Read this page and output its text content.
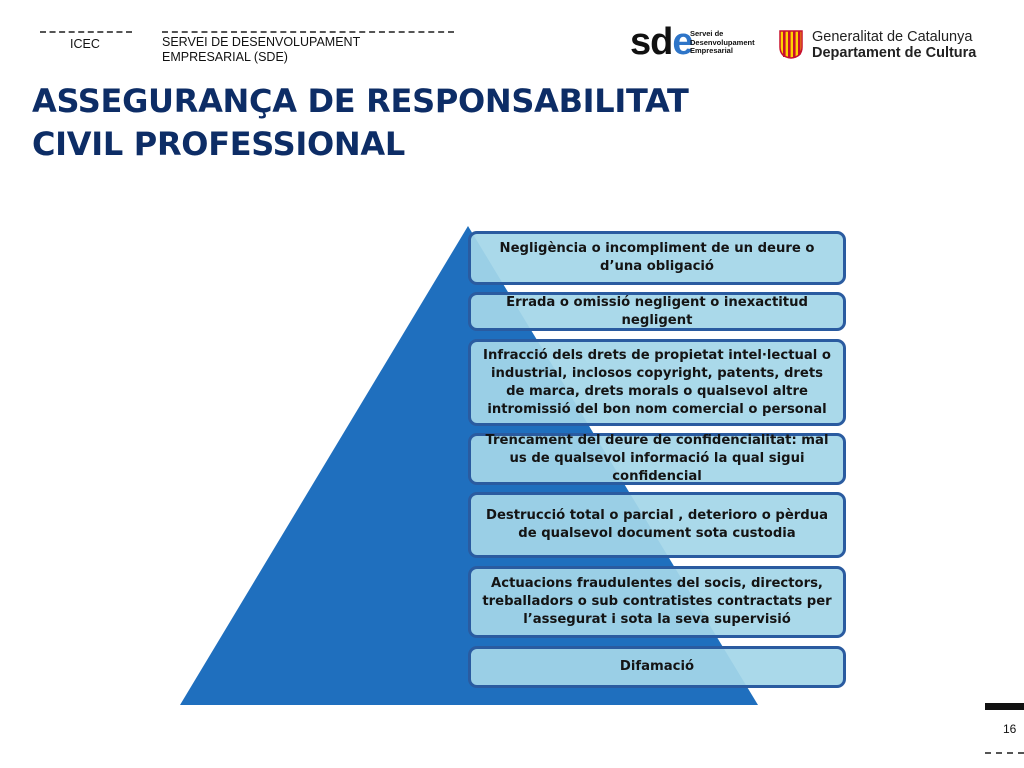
ICEC	SERVEI DE DESENVOLUPAMENT EMPRESARIAL (SDE)	sde
Servei de
Desenvolupament
Empresarial
Generalitat de Catalunya
Departament de Cultura
ASSEGURANÇA DE RESPONSABILITAT
CIVIL PROFESSIONAL
Negligència o incompliment de un deure o d’una obligació
Errada o omissió negligent o inexactitud negligent
Infracció dels drets de propietat intel·lectual o industrial, inclosos copyright, patents, drets de marca, drets morals o qualsevol altre intromissió del bon nom comercial o personal
Trencament del deure de confidencialitat: mal us de qualsevol informació la qual sigui confidencial
Destrucció total o parcial , deterioro o pèrdua de qualsevol document sota custodia
Actuacions fraudulentes del socis, directors, treballadors o sub contratistes contractats per l’assegurat i sota la seva supervisió
Difamació
16
